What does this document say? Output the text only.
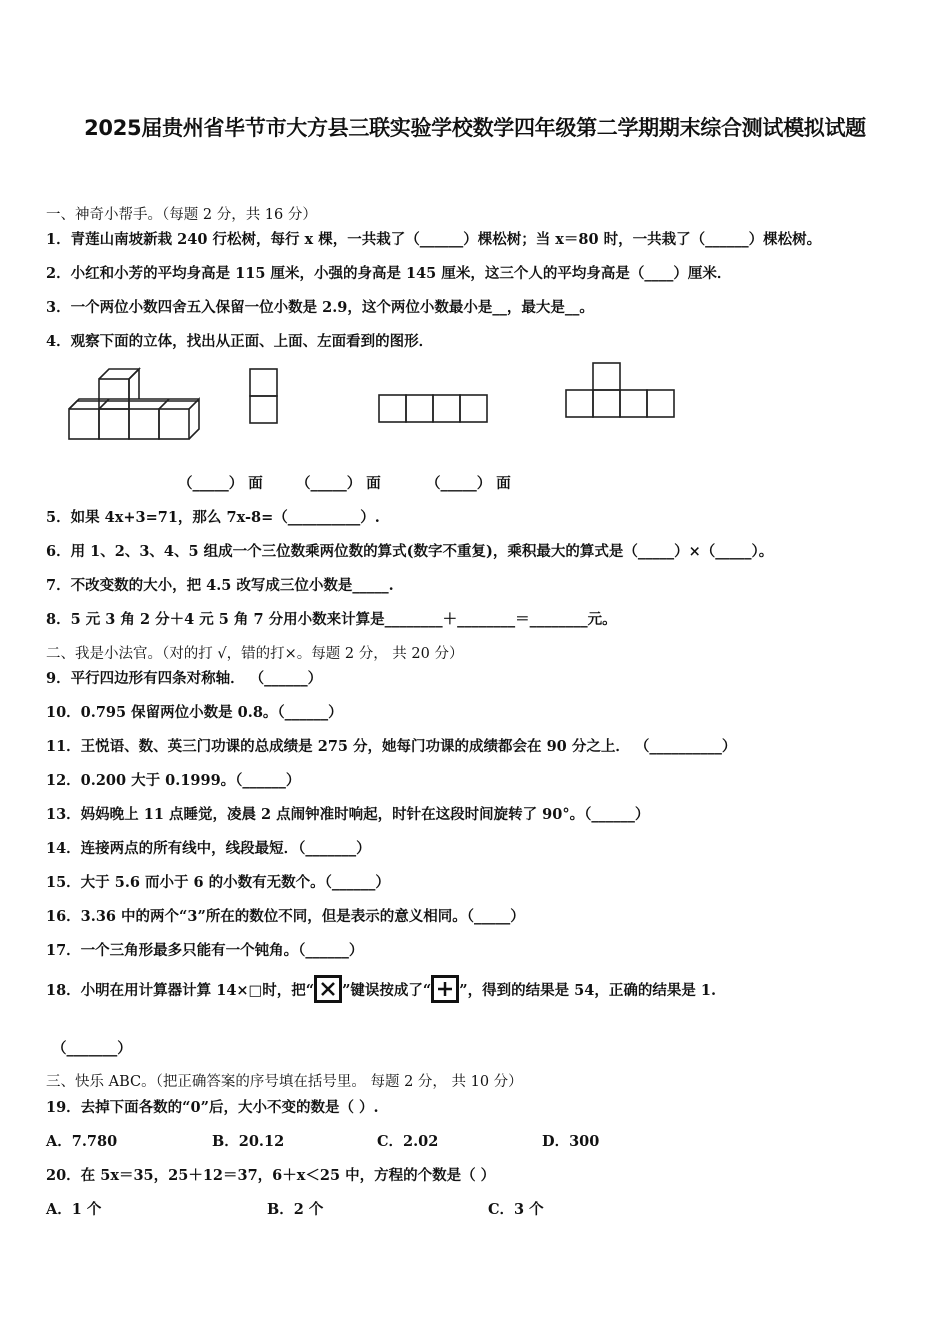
2025届贵州省毕节市大方县三联实验学校数学四年级第二学期期末综合测试模拟试题
一、神奇小帮手。（每题 2 分，共 16 分）
1．青莲山南坡新栽 240 行松树，每行 x 棵，一共栽了（______）棵松树；当 x＝80 时，一共栽了（______）棵松树。
2．小红和小芳的平均身高是 115 厘米，小强的身高是 145 厘米，这三个人的平均身高是（____）厘米．
3．一个两位小数四舍五入保留一位小数是 2.9，这个两位小数最小是__，最大是__。
4．观察下面的立体，找出从正面、上面、左面看到的图形．
（_____） 面 （_____） 面	（_____） 面
5．如果 4x+3=71，那么 7x-8=（__________）.
6．用 1、2、3、4、5 组成一个三位数乘两位数的算式(数字不重复)，乘积最大的算式是（_____）×（_____）。
7．不改变数的大小，把 4.5 改写成三位小数是_____.
8．5 元 3 角 2 分＋4 元 5 角 7 分用小数来计算是________＋________＝________元。
二、我是小法官。（对的打 √，错的打×。每题 2 分， 共 20 分）
9．平行四边形有四条对称轴． （______）
10．0.795 保留两位小数是 0.8。（______）
11．王悦语、数、英三门功课的总成绩是 275 分，她每门功课的成绩都会在 90 分之上． （__________）
12．0.200 大于 0.1999。（______）
13．妈妈晚上 11 点睡觉，凌晨 2 点闹钟准时响起，时针在这段时间旋转了 90°。（______）
14．连接两点的所有线中，线段最短．（_______）
15．大于 5.6 而小于 6 的小数有无数个。（______）
16．3.36 中的两个“3”所在的数位不同，但是表示的意义相同。（_____）
17．一个三角形最多只能有一个钝角。（______）
18．小明在用计算器计算 14×□时，把“ ”键误按成了“ ”，得到的结果是 54，正确的结果是 1.
（_______）
三、快乐 ABC。（把正确答案的序号填在括号里。 每题 2 分， 共 10 分）
19．去掉下面各数的“0”后，大小不变的数是（ ）.
A．7.780	B．20.12	C．2.02	D．300
20．在 5x＝35，25＋12＝37，6＋x＜25 中，方程的个数是（ ）
A．1 个	B．2 个	C．3 个
